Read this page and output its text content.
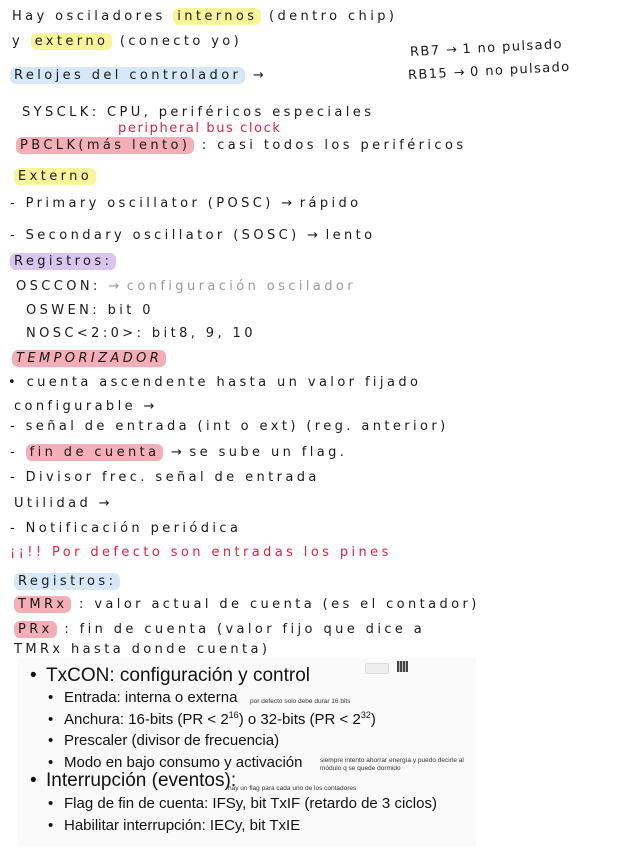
Hay osciladores internos (dentro chip)
y externo (conecto yo)
RB7 → 1 no pulsado
RB15 → 0 no pulsado
Relojes del controlador →
SYSCLK: CPU, periféricos especiales
peripheral bus clock
PBCLK(más lento) : casi todos los periféricos
Externo
- Primary oscillator (POSC) → rápido
- Secondary oscillator (SOSC) → lento
Registros:
OSCCON: → configuración oscilador
OSWEN: bit 0
NOSC<2:0>: bit8, 9, 10
TEMPORIZADOR
• cuenta ascendente hasta un valor fijado
configurable →
- señal de entrada (int o ext) (reg. anterior)
- fin de cuenta → se sube un flag.
- Divisor frec. señal de entrada
Utilidad →
- Notificación periódica
¡¡!! Por defecto son entradas los pines
Registros:
TMRx : valor actual de cuenta (es el contador)
PRx : fin de cuenta (valor fijo que dice a
TMRx hasta donde cuenta)
• TxCON: configuración y control
• Entrada: interna o externa por defecto solo debe durar 16 bits
• Anchura: 16-bits $(PR < 2^{16})$ o 32-bits $(PR < 2^{32})$
• Prescaler (divisor de frecuencia)
• Modo en bajo consumo y activación	siempre intento ahorrar energía y puedo decirle al
módulo q se quede dormido
• Interrupción (eventos):
hay un flag para cada uno de los contadores
• Flag de fin de cuenta: IFSy, bit TxIF (retardo de 3 ciclos)
• Habilitar interrupción: IECy, bit TxIE
